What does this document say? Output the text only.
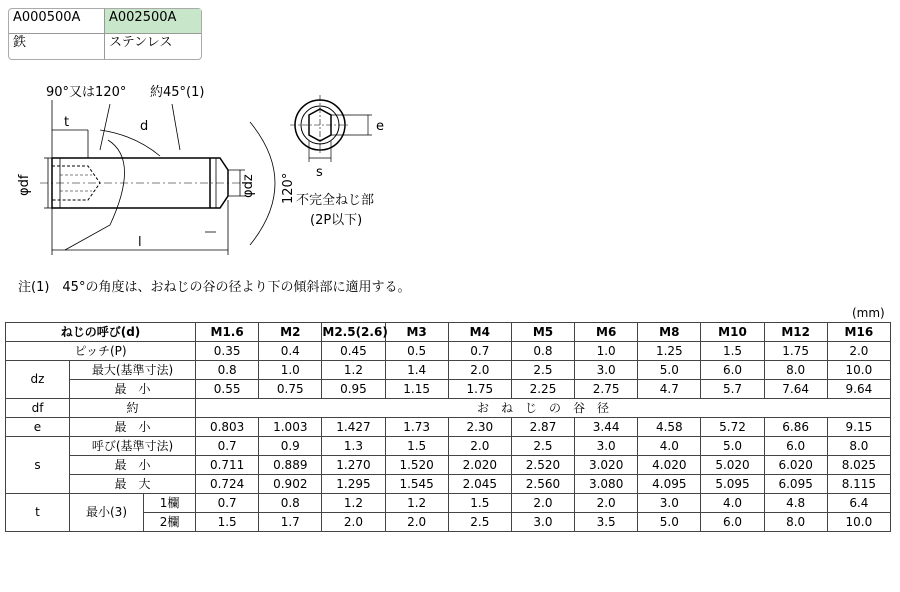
A000500A	A002500A
鉄	ステンレス
90°又は120° 約45°(1)
t	d
φdf	φdz
l
120°
e
s
不完全ねじ部
(2P以下)
注(1)　45°の角度は、おねじの谷の径より下の傾斜部に適用する。
(mm)
ねじの呼び(d)			M1.6	M2	M2.5(2.6)	M3	M4	M5	M6	M8	M10	M12	M16
ピッチ(P)			0.35	0.4	0.45	0.5	0.7	0.8	1.0	1.25	1.5	1.75	2.0
dz	最大(基準寸法)		0.8	1.0	1.2	1.4	2.0	2.5	3.0	5.0	6.0	8.0	10.0
	最　小		0.55	0.75	0.95	1.15	1.75	2.25	2.75	4.7	5.7	7.64	9.64
df	約		お　ね　じ　の　谷　径										
e	最　小		0.803	1.003	1.427	1.73	2.30	2.87	3.44	4.58	5.72	6.86	9.15
s	呼び(基準寸法)		0.7	0.9	1.3	1.5	2.0	2.5	3.0	4.0	5.0	6.0	8.0
	最　小		0.711	0.889	1.270	1.520	2.020	2.520	3.020	4.020	5.020	6.020	8.025
	最　大		0.724	0.902	1.295	1.545	2.045	2.560	3.080	4.095	5.095	6.095	8.115
t	最小(3)	1欄	0.7	0.8	1.2	1.2	1.5	2.0	2.0	3.0	4.0	4.8	6.4
		2欄	1.5	1.7	2.0	2.0	2.5	3.0	3.5	5.0	6.0	8.0	10.0
